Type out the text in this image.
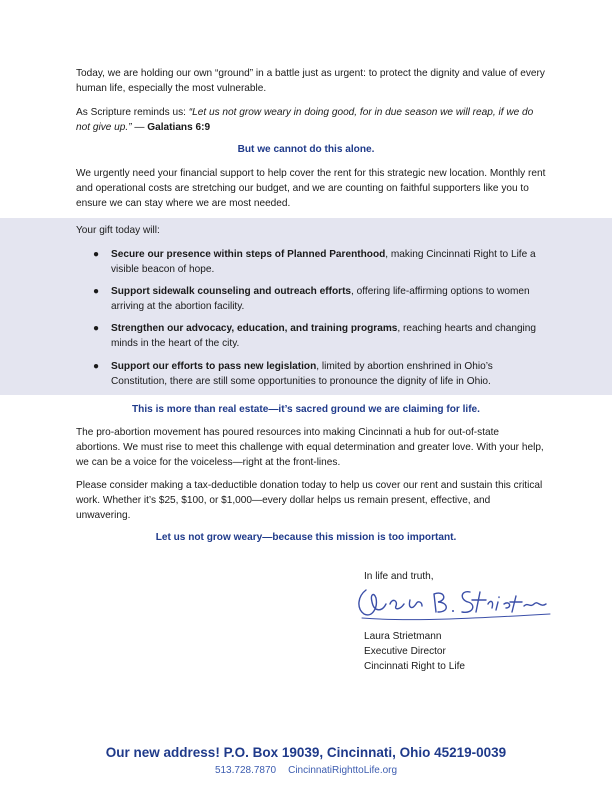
Today, we are holding our own “ground” in a battle just as urgent: to protect the dignity and value of every human life, especially the most vulnerable.

As Scripture reminds us: “Let us not grow weary in doing good, for in due season we will reap, if we do not give up.” — Galatians 6:9

But we cannot do this alone.

We urgently need your financial support to help cover the rent for this strategic new location. Monthly rent and operational costs are stretching our budget, and we are counting on faithful supporters like you to ensure we can stay where we are most needed.

Your gift today will:

●	Secure our presence within steps of Planned Parenthood, making Cincinnati Right to Life a visible beacon of hope.
●	Support sidewalk counseling and outreach efforts, offering life-affirming options to women arriving at the abortion facility.
●	Strengthen our advocacy, education, and training programs, reaching hearts and changing minds in the heart of the city.
●	Support our efforts to pass new legislation, limited by abortion enshrined in Ohio’s Constitution, there are still some opportunities to pronounce the dignity of life in Ohio.

This is more than real estate—it’s sacred ground we are claiming for life.

The pro-abortion movement has poured resources into making Cincinnati a hub for out-of-state abortions. We must rise to meet this challenge with equal determination and greater love. With your help, we can be a voice for the voiceless—right at the front-lines.

Please consider making a tax-deductible donation today to help us cover our rent and sustain this critical work. Whether it’s $25, $100, or $1,000—every dollar helps us remain present, effective, and unwavering.

Let us not grow weary—because this mission is too important.

In life and truth,

Laura Strietmann

Executive Director

Cincinnati Right to Life

Our new address! P.O. Box 19039, Cincinnati, Ohio 45219-0039

513.728.7870 CincinnatiRighttoLife.org
